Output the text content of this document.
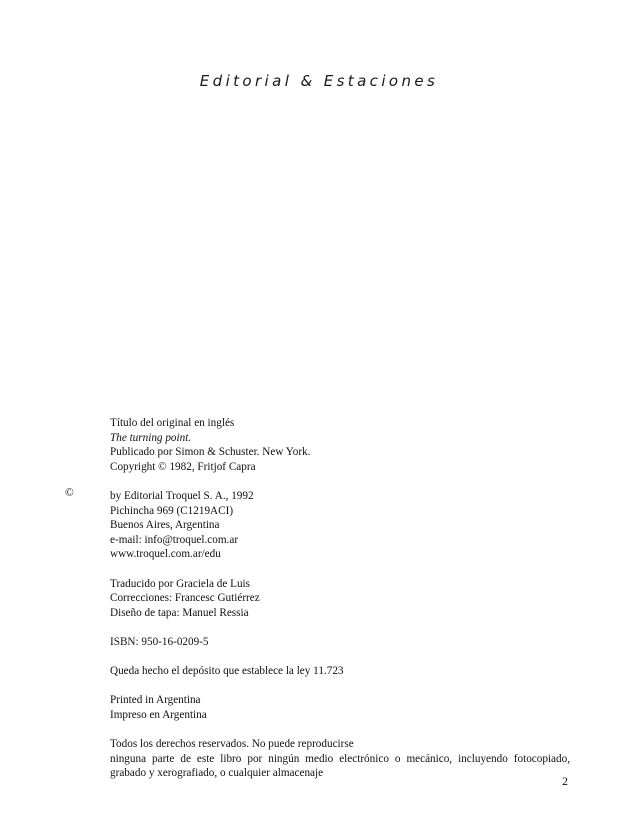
Editorial & Estaciones
©
Título del original en inglés
The turning point.
Publicado por Simon & Schuster. New York.
Copyright © 1982, Fritjof Capra
by Editorial Troquel S. A., 1992
Pichincha 969 (C1219ACI)
Buenos Aires, Argentina
e-mail: info@troquel.com.ar
www.troquel.com.ar/edu
Traducido por Graciela de Luis
Correcciones: Francesc Gutiérrez
Diseño de tapa: Manuel Ressia
ISBN: 950-16-0209-5
Queda hecho el depósito que establece la ley 11.723
Printed in Argentina
Impreso en Argentina
Todos los derechos reservados. No puede reproducirse
ninguna parte de este libro por ningún medio electrónico o mecánico, incluyendo fotocopiado,
grabado y xerografiado, o cualquier almacenaje
2
